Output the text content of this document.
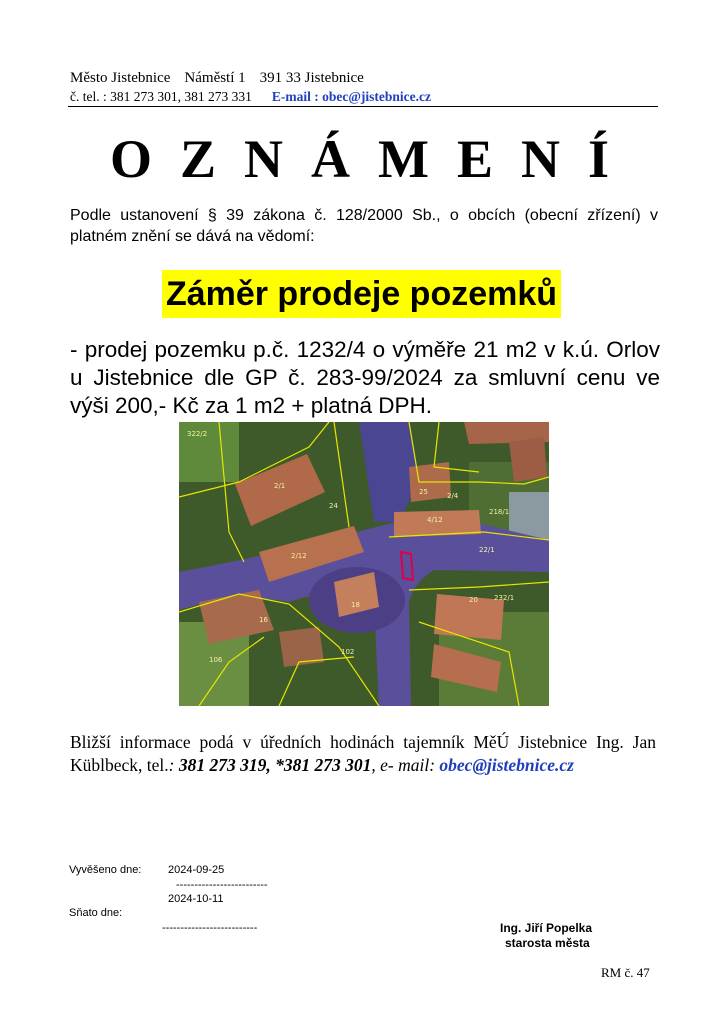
Město Jistebnice Náměstí 1 391 33 Jistebnice
č. tel. : 381 273 301, 381 273 331 E-mail : obec@jistebnice.cz
OZNÁMENÍ
Podle ustanovení § 39 zákona č. 128/2000 Sb., o obcích (obecní zřízení) v platném znění se dává na vědomí:
Záměr prodeje pozemků
- prodej pozemku p.č. 1232/4 o výměře 21 m2 v k.ú. Orlov u Jistebnice dle GP č. 283-99/2024 za smluvní cenu ve výši 200,- Kč za 1 m2 + platná DPH.
322/2
2/1
24
2/12
25	2/4
4/12
18
22/1
20
218/1
16
106
102
232/1
Bližší informace podá v úředních hodinách tajemník MěÚ Jistebnice Ing. Jan Küblbeck, tel.: 381 273 319, *381 273 301, e- mail: obec@jistebnice.cz
Vyvěšeno dne: 2024-09-25
-------------------------
2024-10-11
Sňato dne:
--------------------------	Ing. Jiří Popelka
starosta města
RM č. 47
